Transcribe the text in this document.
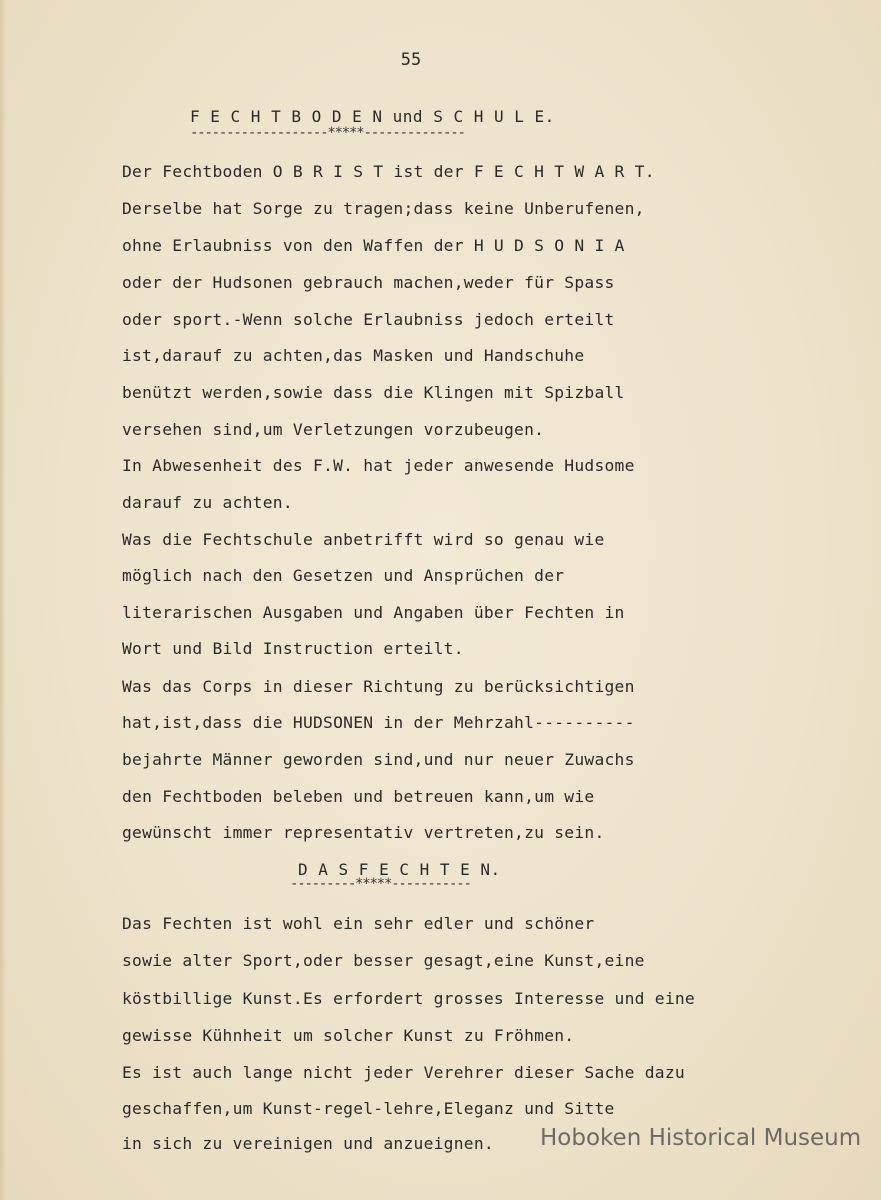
55
F E C H T B O D E N und S C H U L E.
-------------------*****--------------
Der Fechtboden O B R I S T ist der F E C H T W A R T.
Derselbe hat Sorge zu tragen;dass keine Unberufenen,
ohne Erlaubniss von den Waffen der H U D S O N I A
oder der Hudsonen gebrauch machen,weder für Spass
oder sport.-Wenn solche Erlaubniss jedoch erteilt
ist,darauf zu achten,das Masken und Handschuhe
benützt werden,sowie dass die Klingen mit Spizball
versehen sind,um Verletzungen vorzubeugen.
In Abwesenheit des F.W. hat jeder anwesende Hudsome
darauf zu achten.
Was die Fechtschule anbetrifft wird so genau wie
möglich nach den Gesetzen und Ansprüchen der
literarischen Ausgaben und Angaben über Fechten in
Wort und Bild Instruction erteilt.
Was das Corps in dieser Richtung zu berücksichtigen
hat,ist,dass die HUDSONEN in der Mehrzahl----------
bejahrte Männer geworden sind,und nur neuer Zuwachs
den Fechtboden beleben und betreuen kann,um wie
gewünscht immer representativ vertreten,zu sein.
D A S F E C H T E N.
---------*****-----------
Das Fechten ist wohl ein sehr edler und schöner
sowie alter Sport,oder besser gesagt,eine Kunst,eine
köstbillige Kunst.Es erfordert grosses Interesse und eine
gewisse Kühnheit um solcher Kunst zu Fröhmen.
Es ist auch lange nicht jeder Verehrer dieser Sache dazu
geschaffen,um Kunst-regel-lehre,Eleganz und Sitte
in sich zu vereinigen und anzueignen. Hoboken Historical Museum
